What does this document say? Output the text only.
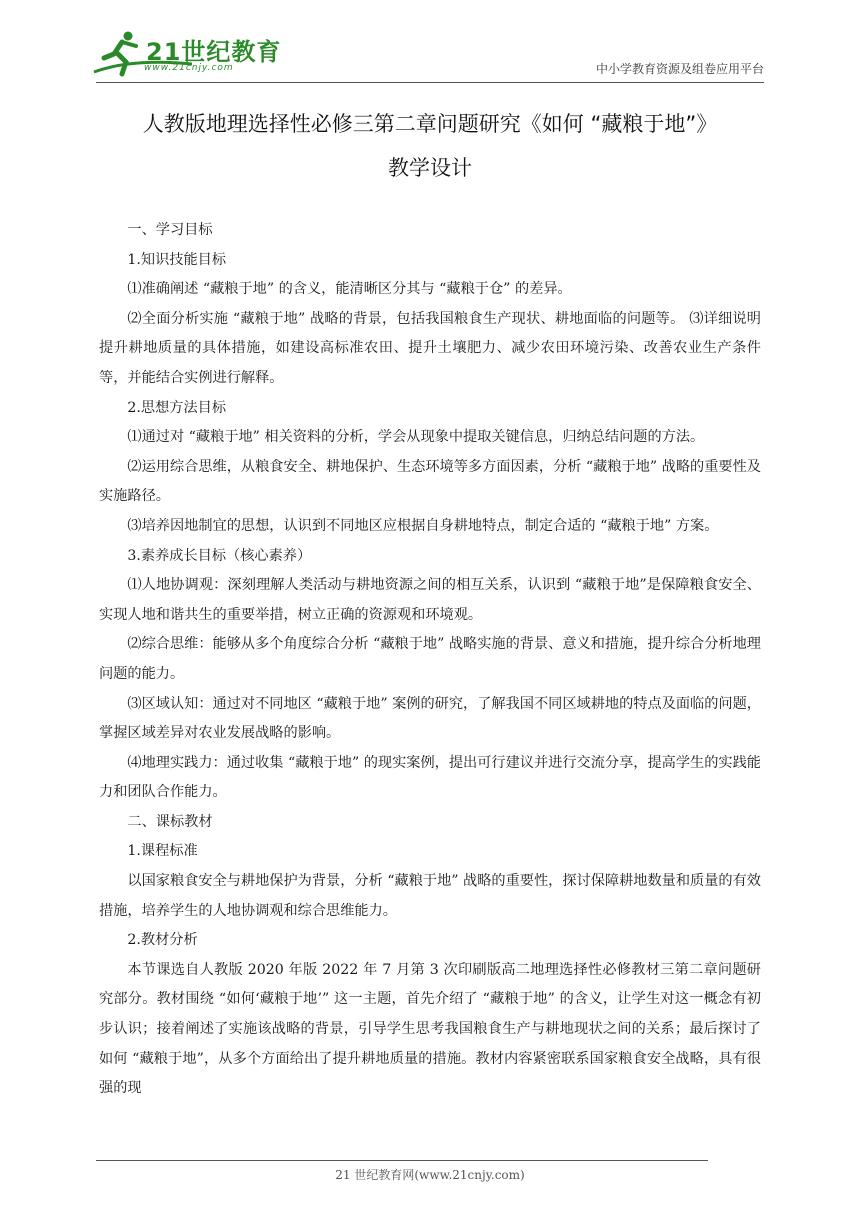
21世纪教育
www.21cnjy.com	中小学教育资源及组卷应用平台
人教版地理选择性必修三第二章问题研究《如何 “藏粮于地”》
教学设计

一、学习目标

1.知识技能目标

⑴准确阐述 “藏粮于地” 的含义，能清晰区分其与 “藏粮于仓” 的差异。

⑵全面分析实施 “藏粮于地” 战略的背景，包括我国粮食生产现状、耕地面临的问题等。 ⑶详细说明提升耕地质量的具体措施，如建设高标准农田、提升土壤肥力、减少农田环境污染、改善农业生产条件等，并能结合实例进行解释。

2.思想方法目标

⑴通过对 “藏粮于地” 相关资料的分析，学会从现象中提取关键信息，归纳总结问题的方法。

⑵运用综合思维，从粮食安全、耕地保护、生态环境等多方面因素，分析 “藏粮于地” 战略的重要性及实施路径。

⑶培养因地制宜的思想，认识到不同地区应根据自身耕地特点，制定合适的 “藏粮于地” 方案。

3.素养成长目标（核心素养）

⑴人地协调观：深刻理解人类活动与耕地资源之间的相互关系，认识到 “藏粮于地”是保障粮食安全、实现人地和谐共生的重要举措，树立正确的资源观和环境观。

⑵综合思维：能够从多个角度综合分析 “藏粮于地” 战略实施的背景、意义和措施，提升综合分析地理问题的能力。

⑶区域认知：通过对不同地区 “藏粮于地” 案例的研究，了解我国不同区域耕地的特点及面临的问题，掌握区域差异对农业发展战略的影响。

⑷地理实践力：通过收集 “藏粮于地” 的现实案例，提出可行建议并进行交流分享，提高学生的实践能力和团队合作能力。

二、课标教材

1.课程标准

以国家粮食安全与耕地保护为背景，分析 “藏粮于地” 战略的重要性，探讨保障耕地数量和质量的有效措施，培养学生的人地协调观和综合思维能力。

2.教材分析

本节课选自人教版 2020 年版 2022 年 7 月第 3 次印刷版高二地理选择性必修教材三第二章问题研究部分。教材围绕 “如何‘藏粮于地’” 这一主题，首先介绍了 “藏粮于地” 的含义，让学生对这一概念有初步认识；接着阐述了实施该战略的背景，引导学生思考我国粮食生产与耕地现状之间的关系；最后探讨了如何 “藏粮于地”，从多个方面给出了提升耕地质量的措施。教材内容紧密联系国家粮食安全战略，具有很强的现

21 世纪教育网(www.21cnjy.com)
